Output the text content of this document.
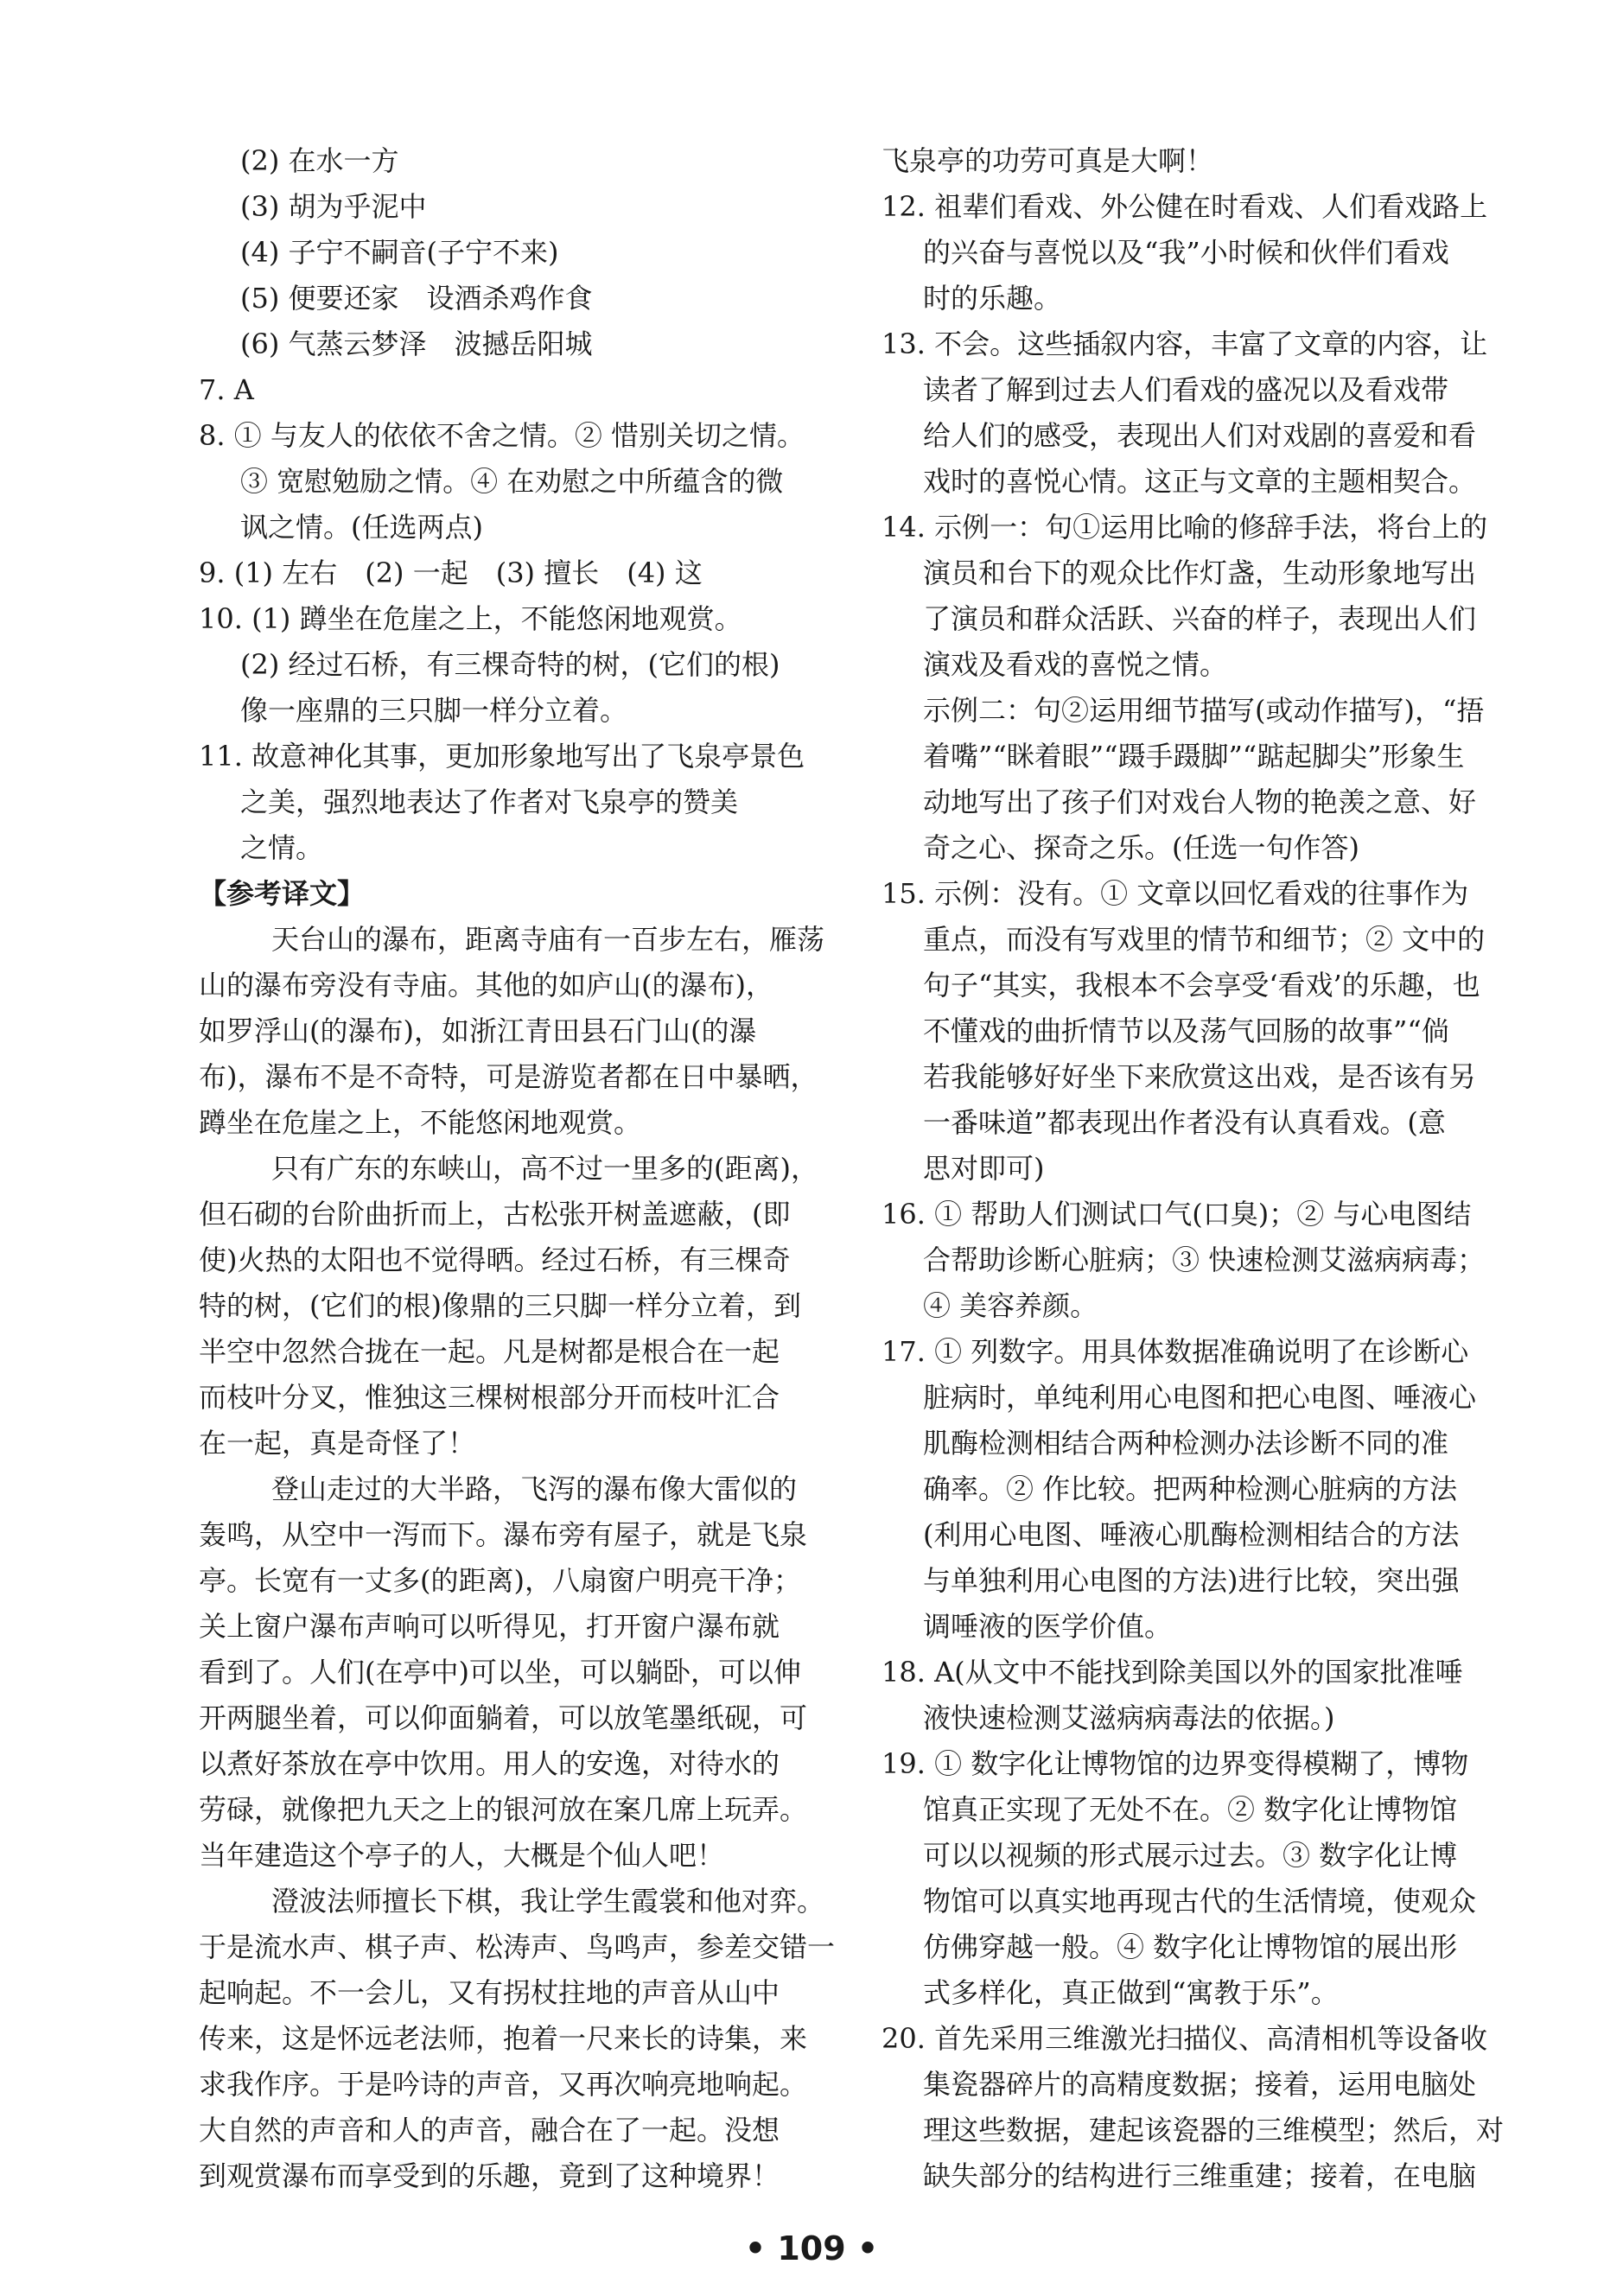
(2) 在水一方
(3) 胡为乎泥中
(4) 子宁不嗣音(子宁不来)
(5) 便要还家　设酒杀鸡作食
(6) 气蒸云梦泽　波撼岳阳城
7. A
8. ① 与友人的依依不舍之情。② 惜别关切之情。
③ 宽慰勉励之情。④ 在劝慰之中所蕴含的微
讽之情。(任选两点)
9. (1) 左右　(2) 一起　(3) 擅长　(4) 这
10. (1) 蹲坐在危崖之上，不能悠闲地观赏。
(2) 经过石桥，有三棵奇特的树，(它们的根)
像一座鼎的三只脚一样分立着。
11. 故意神化其事，更加形象地写出了飞泉亭景色
之美，强烈地表达了作者对飞泉亭的赞美
之情。
【参考译文】
天台山的瀑布，距离寺庙有一百步左右，雁荡
山的瀑布旁没有寺庙。其他的如庐山(的瀑布)，
如罗浮山(的瀑布)，如浙江青田县石门山(的瀑
布)，瀑布不是不奇特，可是游览者都在日中暴晒，
蹲坐在危崖之上，不能悠闲地观赏。
只有广东的东峡山，高不过一里多的(距离)，
但石砌的台阶曲折而上，古松张开树盖遮蔽，(即
使)火热的太阳也不觉得晒。经过石桥，有三棵奇
特的树，(它们的根)像鼎的三只脚一样分立着，到
半空中忽然合拢在一起。凡是树都是根合在一起
而枝叶分叉，惟独这三棵树根部分开而枝叶汇合
在一起，真是奇怪了！
登山走过的大半路，飞泻的瀑布像大雷似的
轰鸣，从空中一泻而下。瀑布旁有屋子，就是飞泉
亭。长宽有一丈多(的距离)，八扇窗户明亮干净；
关上窗户瀑布声响可以听得见，打开窗户瀑布就
看到了。人们(在亭中)可以坐，可以躺卧，可以伸
开两腿坐着，可以仰面躺着，可以放笔墨纸砚，可
以煮好茶放在亭中饮用。用人的安逸，对待水的
劳碌，就像把九天之上的银河放在案几席上玩弄。
当年建造这个亭子的人，大概是个仙人吧！
澄波法师擅长下棋，我让学生霞裳和他对弈。
于是流水声、棋子声、松涛声、鸟鸣声，参差交错一
起响起。不一会儿，又有拐杖拄地的声音从山中
传来，这是怀远老法师，抱着一尺来长的诗集，来
求我作序。于是吟诗的声音，又再次响亮地响起。
大自然的声音和人的声音，融合在了一起。没想
到观赏瀑布而享受到的乐趣，竟到了这种境界！
飞泉亭的功劳可真是大啊！
12. 祖辈们看戏、外公健在时看戏、人们看戏路上
的兴奋与喜悦以及“我”小时候和伙伴们看戏
时的乐趣。
13. 不会。这些插叙内容，丰富了文章的内容，让
读者了解到过去人们看戏的盛况以及看戏带
给人们的感受，表现出人们对戏剧的喜爱和看
戏时的喜悦心情。这正与文章的主题相契合。
14. 示例一：句①运用比喻的修辞手法，将台上的
演员和台下的观众比作灯盏，生动形象地写出
了演员和群众活跃、兴奋的样子，表现出人们
演戏及看戏的喜悦之情。
示例二：句②运用细节描写(或动作描写)，“捂
着嘴”“眯着眼”“蹑手蹑脚”“踮起脚尖”形象生
动地写出了孩子们对戏台人物的艳羡之意、好
奇之心、探奇之乐。(任选一句作答)
15. 示例：没有。① 文章以回忆看戏的往事作为
重点，而没有写戏里的情节和细节；② 文中的
句子“其实，我根本不会享受‘看戏’的乐趣，也
不懂戏的曲折情节以及荡气回肠的故事”“倘
若我能够好好坐下来欣赏这出戏，是否该有另
一番味道”都表现出作者没有认真看戏。(意
思对即可)
16. ① 帮助人们测试口气(口臭)；② 与心电图结
合帮助诊断心脏病；③ 快速检测艾滋病病毒；
④ 美容养颜。
17. ① 列数字。用具体数据准确说明了在诊断心
脏病时，单纯利用心电图和把心电图、唾液心
肌酶检测相结合两种检测办法诊断不同的准
确率。② 作比较。把两种检测心脏病的方法
(利用心电图、唾液心肌酶检测相结合的方法
与单独利用心电图的方法)进行比较，突出强
调唾液的医学价值。
18. A(从文中不能找到除美国以外的国家批准唾
液快速检测艾滋病病毒法的依据。)
19. ① 数字化让博物馆的边界变得模糊了，博物
馆真正实现了无处不在。② 数字化让博物馆
可以以视频的形式展示过去。③ 数字化让博
物馆可以真实地再现古代的生活情境，使观众
仿佛穿越一般。④ 数字化让博物馆的展出形
式多样化，真正做到“寓教于乐”。
20. 首先采用三维激光扫描仪、高清相机等设备收
集瓷器碎片的高精度数据；接着，运用电脑处
理这些数据，建起该瓷器的三维模型；然后，对
缺失部分的结构进行三维重建；接着，在电脑
• 109 •
